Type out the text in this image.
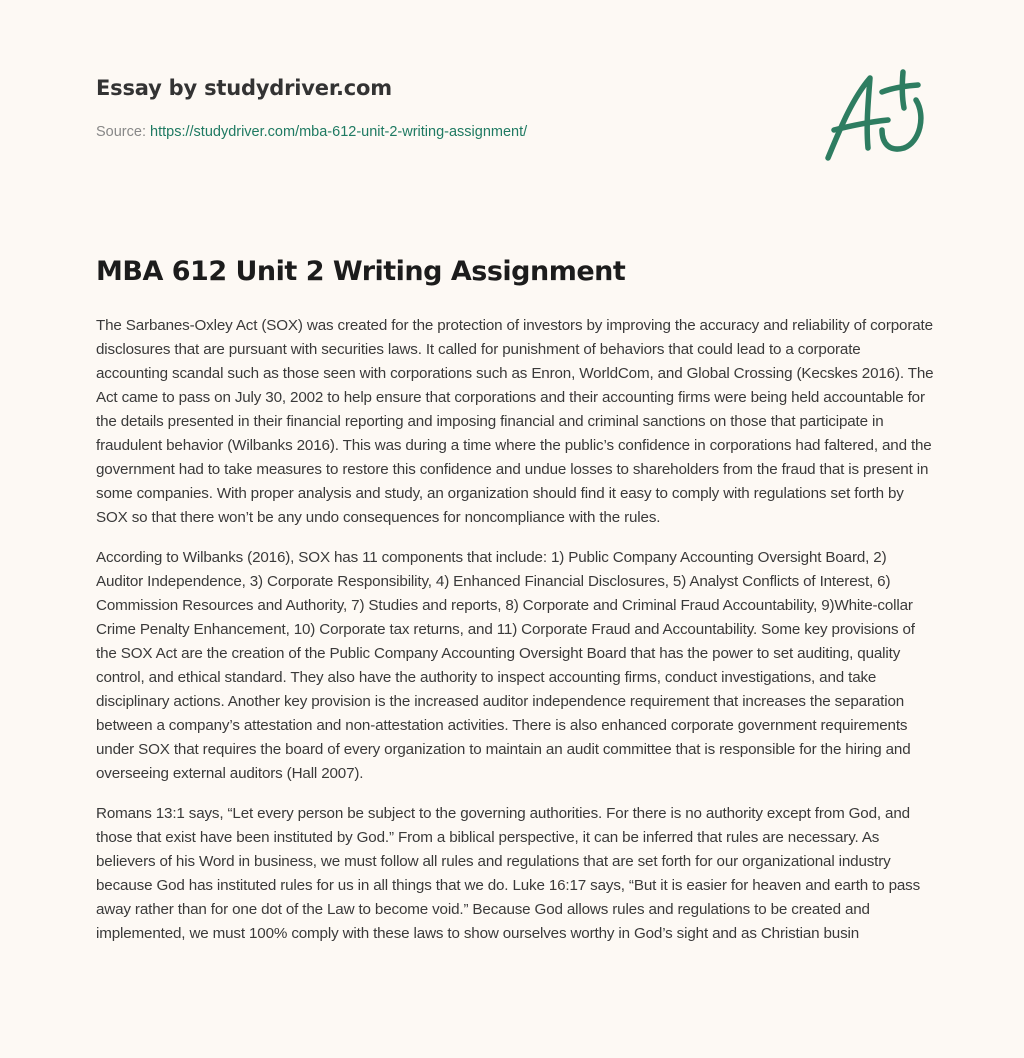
Essay by studydriver.com
Source: https://studydriver.com/mba-612-unit-2-writing-assignment/
MBA 612 Unit 2 Writing Assignment

The Sarbanes-Oxley Act (SOX) was created for the protection of investors by improving the accuracy and reliability of corporate disclosures that are pursuant with securities laws. It called for punishment of behaviors that could lead to a corporate accounting scandal such as those seen with corporations such as Enron, WorldCom, and Global Crossing (Kecskes 2016). The Act came to pass on July 30, 2002 to help ensure that corporations and their accounting firms were being held accountable for the details presented in their financial reporting and imposing financial and criminal sanctions on those that participate in fraudulent behavior (Wilbanks 2016). This was during a time where the public’s confidence in corporations had faltered, and the government had to take measures to restore this confidence and undue losses to shareholders from the fraud that is present in some companies. With proper analysis and study, an organization should find it easy to comply with regulations set forth by SOX so that there won’t be any undo consequences for noncompliance with the rules.

According to Wilbanks (2016), SOX has 11 components that include: 1) Public Company Accounting Oversight Board, 2) Auditor Independence, 3) Corporate Responsibility, 4) Enhanced Financial Disclosures, 5) Analyst Conflicts of Interest, 6) Commission Resources and Authority, 7) Studies and reports, 8) Corporate and Criminal Fraud Accountability, 9)White-collar Crime Penalty Enhancement, 10) Corporate tax returns, and 11) Corporate Fraud and Accountability. Some key provisions of the SOX Act are the creation of the Public Company Accounting Oversight Board that has the power to set auditing, quality control, and ethical standard. They also have the authority to inspect accounting firms, conduct investigations, and take disciplinary actions. Another key provision is the increased auditor independence requirement that increases the separation between a company’s attestation and non-attestation activities. There is also enhanced corporate government requirements under SOX that requires the board of every organization to maintain an audit committee that is responsible for the hiring and overseeing external auditors (Hall 2007).

Romans 13:1 says, “Let every person be subject to the governing authorities. For there is no authority except from God, and those that exist have been instituted by God.” From a biblical perspective, it can be inferred that rules are necessary. As believers of his Word in business, we must follow all rules and regulations that are set forth for our organizational industry because God has instituted rules for us in all things that we do. Luke 16:17 says, “But it is easier for heaven and earth to pass away rather than for one dot of the Law to become void.” Because God allows rules and regulations to be created and implemented, we must 100% comply with these laws to show ourselves worthy in God’s sight and as Christian busin
